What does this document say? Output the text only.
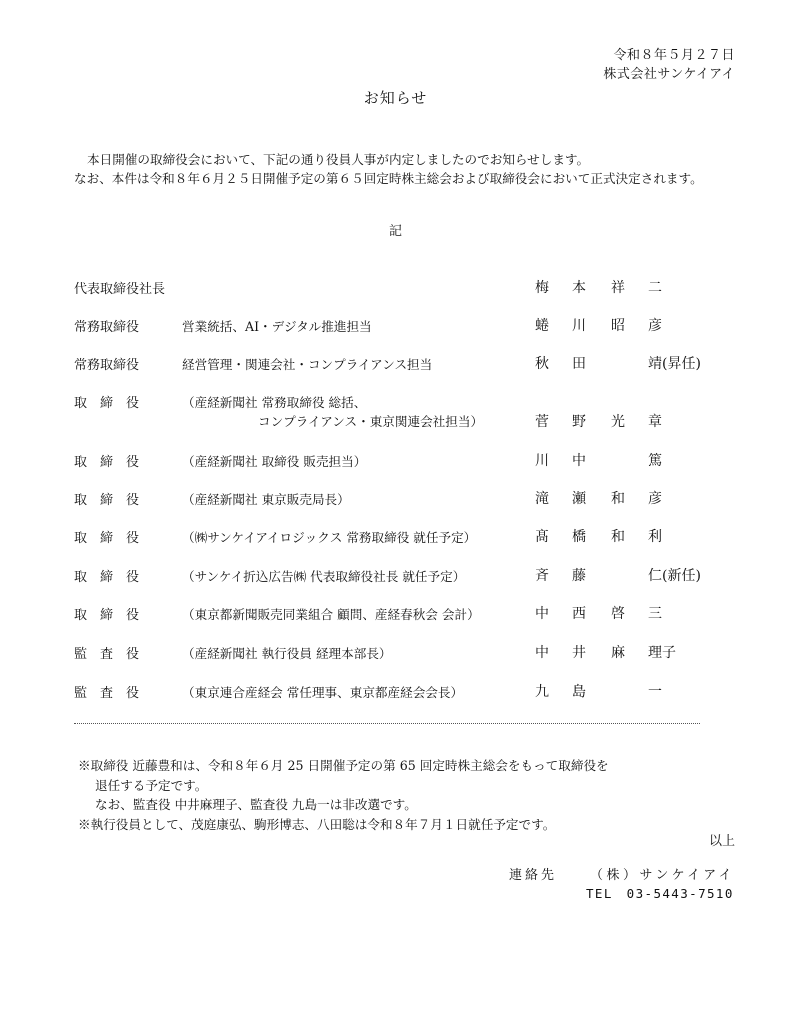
令和８年５月２７日
株式会社サンケイアイ
お知らせ

本日開催の取締役会において、下記の通り役員人事が内定しましたのでお知らせします。

なお、本件は令和８年６月２５日開催予定の第６５回定時株主総会および取締役会において正式決定されます。

記
代表取締役社長	梅 本 祥 二
常務取締役	営業統括、AI・デジタル推進担当	蜷 川 昭 彦
常務取締役	経営管理・関連会社・コンプライアンス担当	秋 田	靖(昇任)
取締役 （産経新聞社 常務取締役 総括、
コンプライアンス・東京関連会社担当）	菅 野 光 章
取締役 （産経新聞社 取締役 販売担当）	川 中	篤
取締役 （産経新聞社 東京販売局長）	滝 瀬 和 彦
取締役 （㈱サンケイアイロジックス 常務取締役 就任予定）	髙 橋 和 利
取締役 （サンケイ折込広告㈱ 代表取締役社長 就任予定）	斉 藤	仁(新任)
取締役 （東京都新聞販売同業組合 顧問、産経春秋会 会計）	中 西 啓 三
監査役 （産経新聞社 執行役員 経理本部長）	中 井 麻 理子
監査役 （東京連合産経会 常任理事、東京都産経会会長）	九 島	一
※取締役 近藤豊和は、令和８年６月 25 日開催予定の第 65 回定時株主総会をもって取締役を
退任する予定です。
なお、監査役 中井麻理子、監査役 九島一は非改選です。
※執行役員として、茂庭康弘、駒形博志、八田聡は令和８年７月１日就任予定です。
以上
連絡先	（株）サンケイアイ
TEL　03-5443-7510
